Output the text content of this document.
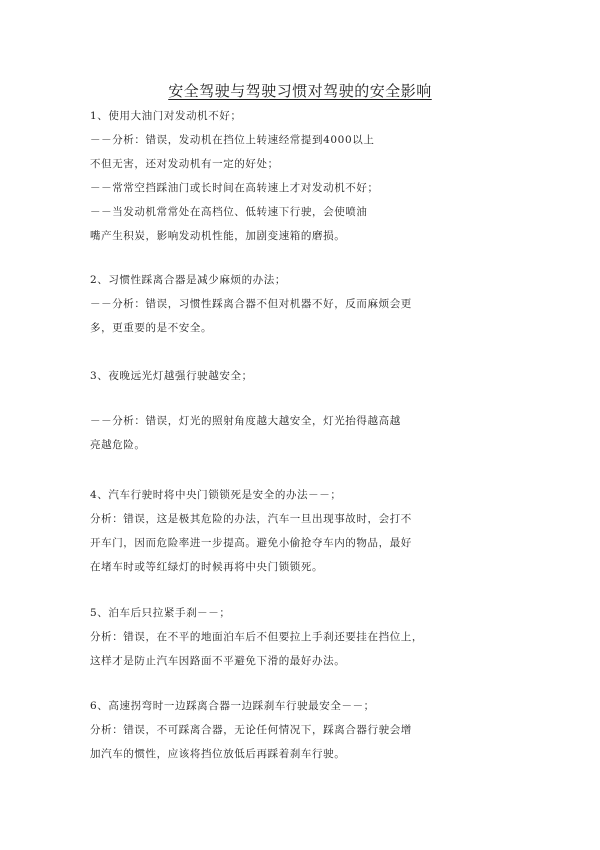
安全驾驶与驾驶习惯对驾驶的安全影响
1、使用大油门对发动机不好；
－－分析：错误，发动机在挡位上转速经常提到4000以上
不但无害，还对发动机有一定的好处；
－－常常空挡踩油门或长时间在高转速上才对发动机不好；
－－当发动机常常处在高档位、低转速下行驶，会使喷油
嘴产生积炭，影响发动机性能，加剧变速箱的磨损。
2、习惯性踩离合器是减少麻烦的办法；
－－分析：错误，习惯性踩离合器不但对机器不好，反而麻烦会更
多，更重要的是不安全。
3、夜晚远光灯越强行驶越安全；
－－分析：错误，灯光的照射角度越大越安全，灯光抬得越高越
亮越危险。
4、汽车行驶时将中央门锁锁死是安全的办法－－；
分析：错误，这是极其危险的办法，汽车一旦出现事故时，会打不
开车门，因而危险率进一步提高。避免小偷抢夺车内的物品，最好
在堵车时或等红绿灯的时候再将中央门锁锁死。
5、泊车后只拉紧手刹－－；
分析：错误，在不平的地面泊车后不但要拉上手刹还要挂在挡位上，
这样才是防止汽车因路面不平避免下滑的最好办法。
6、高速拐弯时一边踩离合器一边踩刹车行驶最安全－－；
分析：错误，不可踩离合器，无论任何情况下，踩离合器行驶会增
加汽车的惯性，应该将挡位放低后再踩着刹车行驶。
